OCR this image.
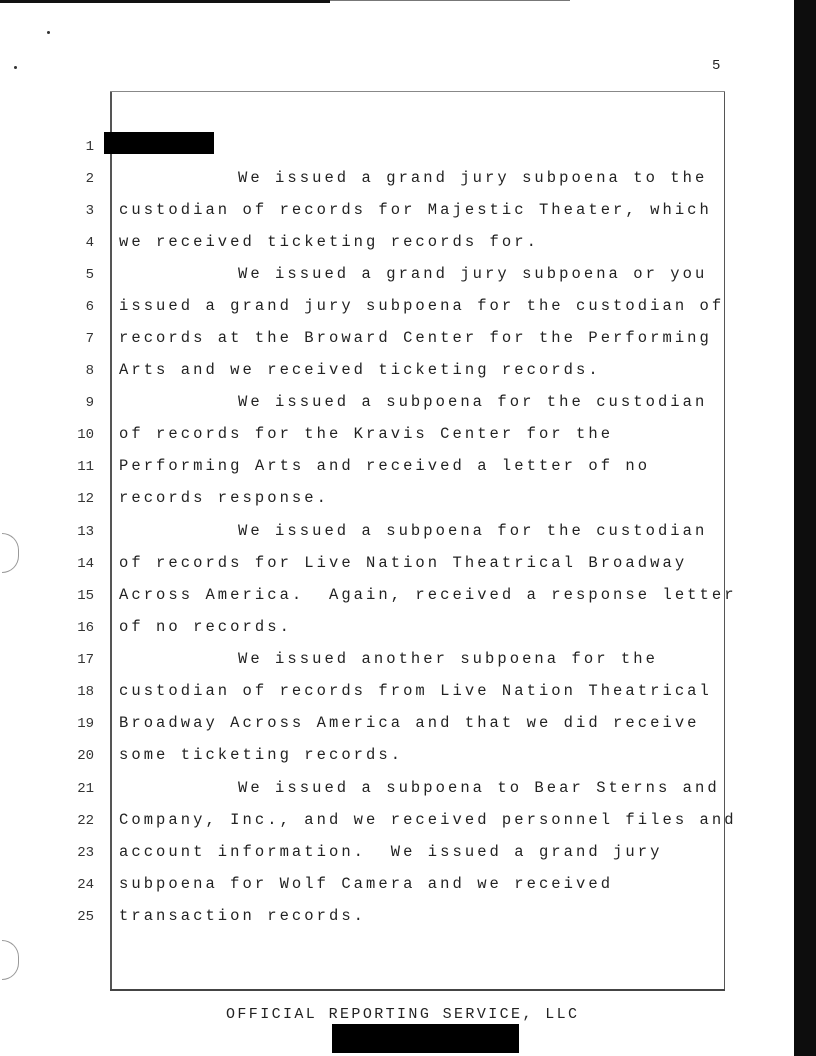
5
1
2	We issued a grand jury subpoena to the
3 custodian of records for Majestic Theater, which
4 we received ticketing records for.
5	We issued a grand jury subpoena or you
6 issued a grand jury subpoena for the custodian of
7 records at the Broward Center for the Performing
8 Arts and we received ticketing records.
9	We issued a subpoena for the custodian
10 of records for the Kravis Center for the
11 Performing Arts and received a letter of no
12 records response.
13	We issued a subpoena for the custodian
14 of records for Live Nation Theatrical Broadway
15 Across America.  Again, received a response letter
16 of no records.
17	We issued another subpoena for the
18 custodian of records from Live Nation Theatrical
19 Broadway Across America and that we did receive
20 some ticketing records.
21	We issued a subpoena to Bear Sterns and
22 Company, Inc., and we received personnel files and
23 account information.  We issued a grand jury
24 subpoena for Wolf Camera and we received
25 transaction records.
OFFICIAL REPORTING SERVICE, LLC
